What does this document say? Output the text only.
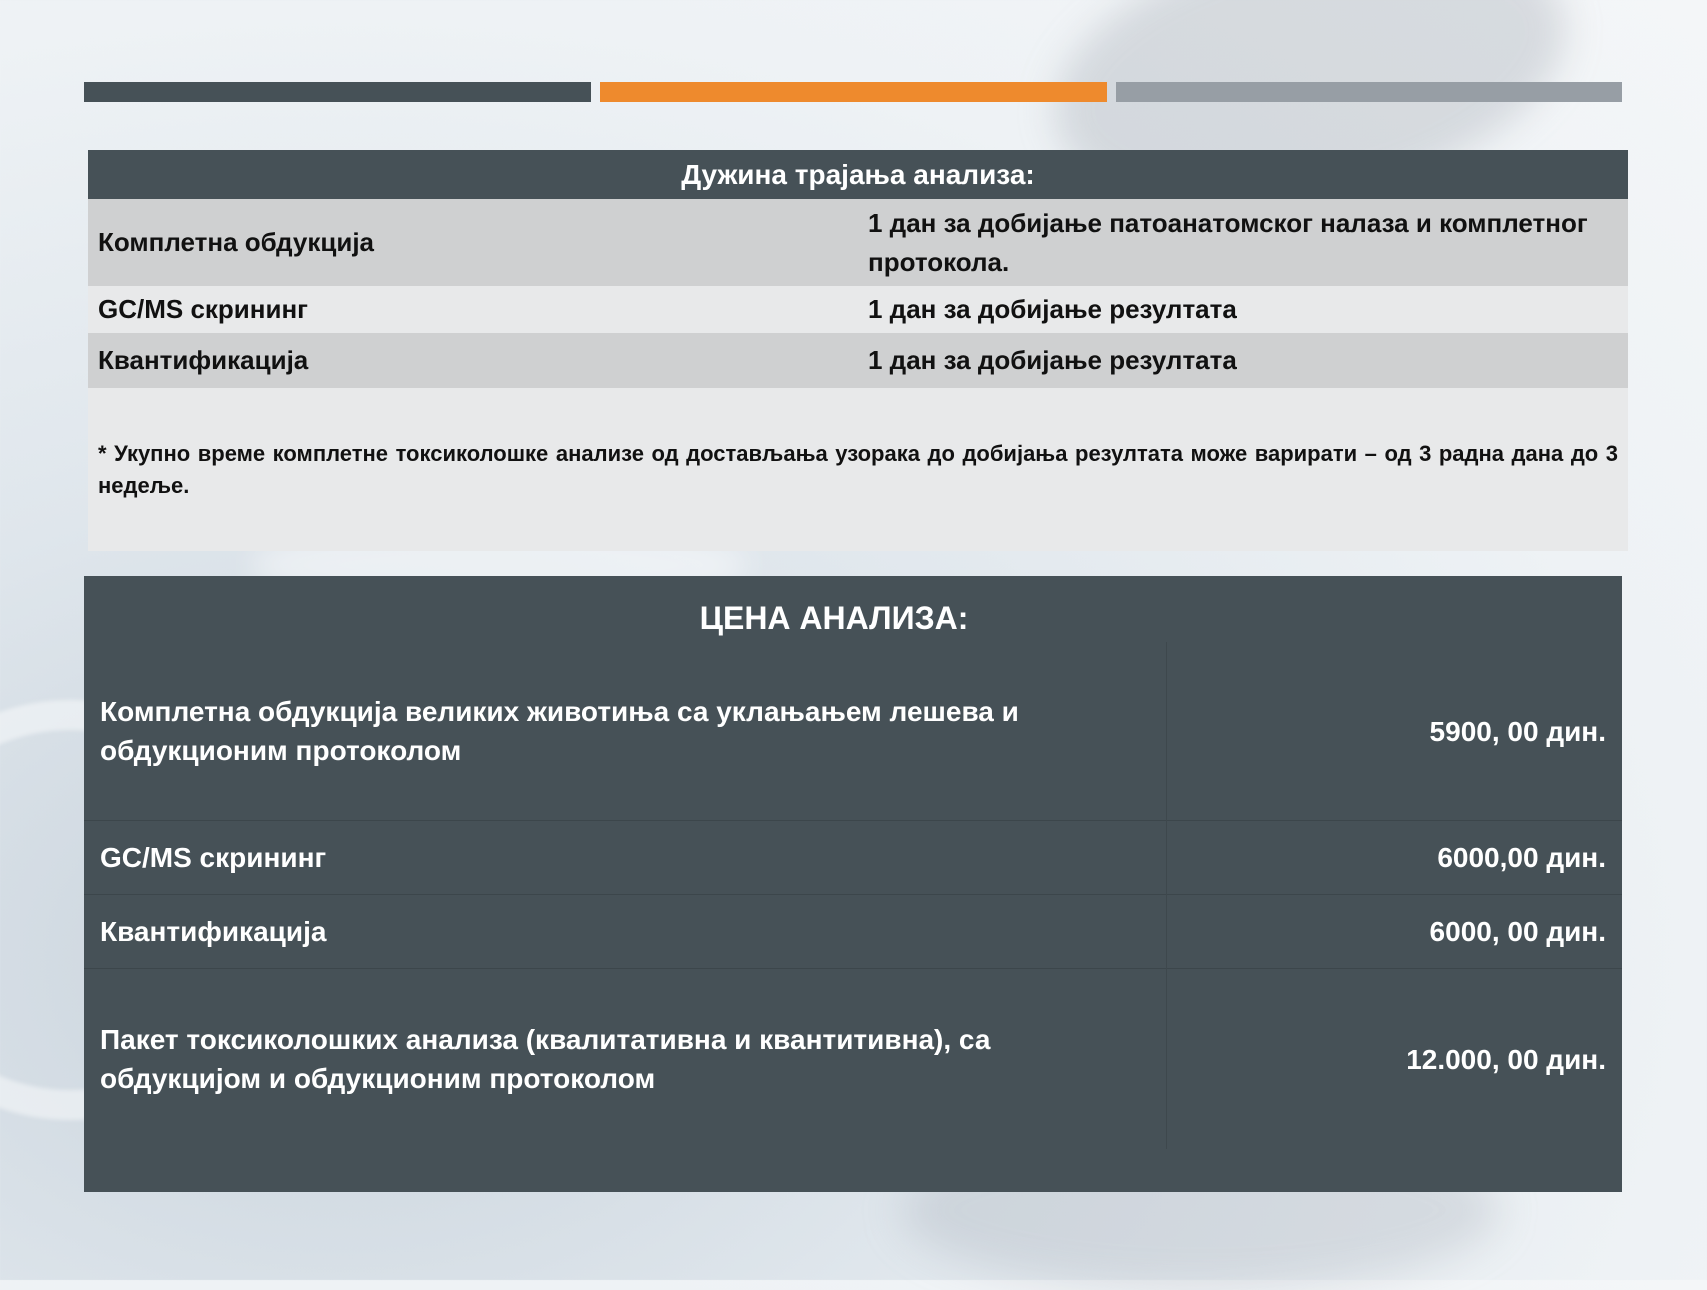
Дужина трајања анализа:	
Комплетна обдукција	1 дан за добијање патоанатомског налаза и комплетног протокола.
GC/MS скрининг	1 дан за добијање резултата
Квантификација	1 дан за добијање резултата
* Укупно време комплетне токсиколошке анализе од достављања узорака до добијања резултата може варирати – од 3 радна дана до 3 недеље.	
ЦЕНА АНАЛИЗА:
Комплетна обдукција великих животиња са уклањањем лешева и обдукционим протоколом	5900, 00 дин.
GC/MS скрининг	6000,00 дин.
Квантификација	6000, 00 дин.
Пакет токсиколошких анализа (квалитативна и квантитивна), са обдукцијом и обдукционим протоколом	12.000, 00 дин.
